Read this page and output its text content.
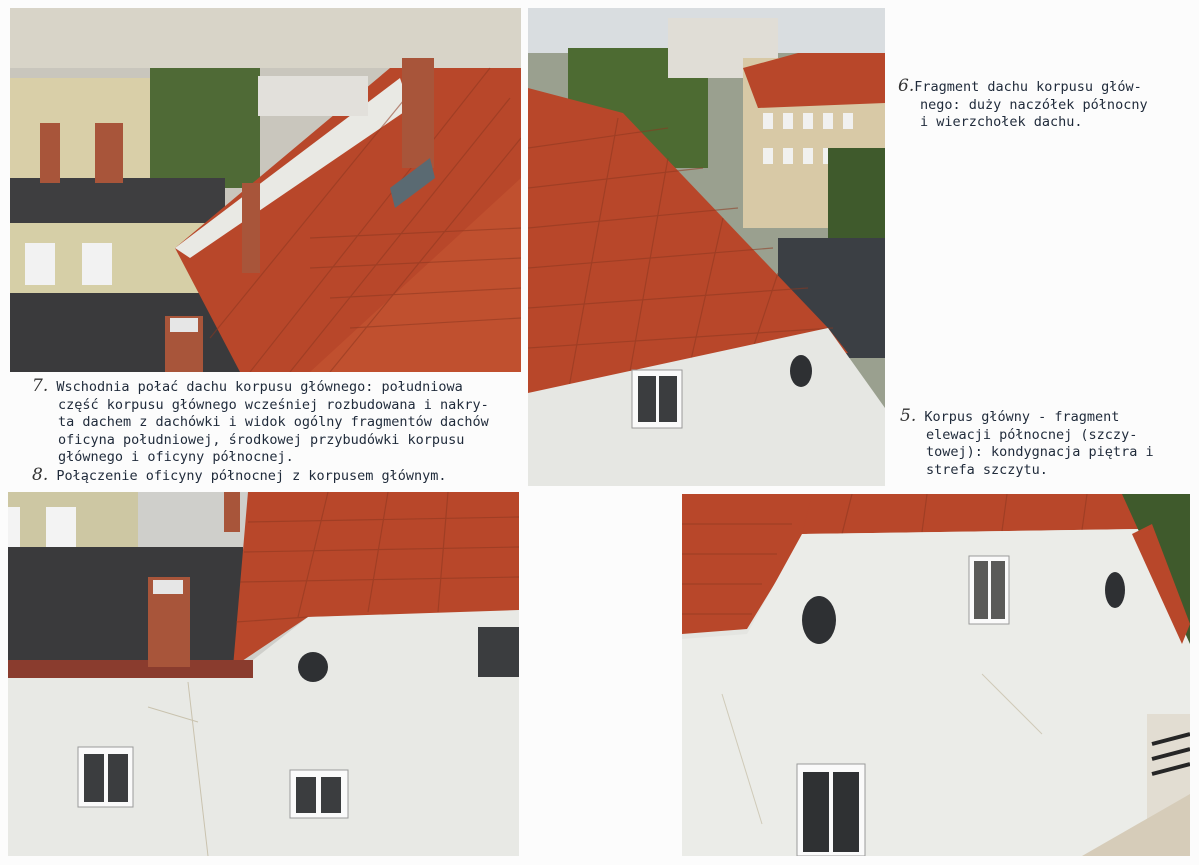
6.Fragment dachu korpusu głów-
nego: duży naczółek północny
i wierzchołek dachu.
7. Wschodnia połać dachu korpusu głównego: południowa
część korpusu głównego wcześniej rozbudowana i nakry-
ta dachem z dachówki i widok ogólny fragmentów dachów
oficyna południowej, środkowej przybudówki korpusu
głównego i oficyny północnej.
8. Połączenie oficyny północnej z korpusem głównym.
5. Korpus główny - fragment
elewacji północnej (szczy-
towej): kondygnacja piętra i
strefa szczytu.
